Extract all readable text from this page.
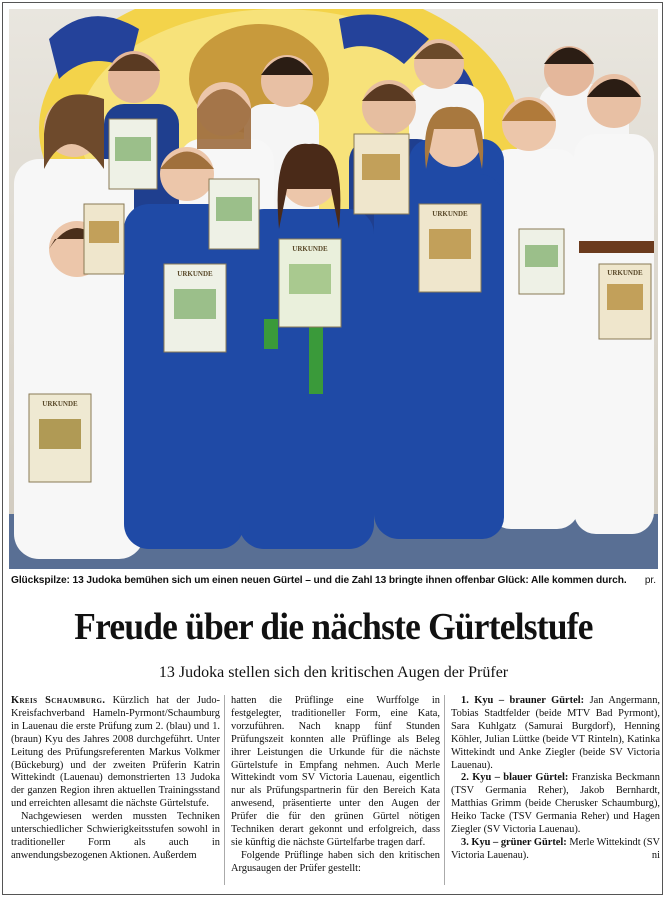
URKUNDE
URKUNDE
URKUNDE
URKUNDE
URKUNDE
Glückspilze: 13 Judoka bemühen sich um einen neuen Gürtel – und die Zahl 13 bringte ihnen offenbar Glück: Alle kommen durch. pr.
Freude über die nächste Gürtelstufe
13 Judoka stellen sich den kritischen Augen der Prüfer

Kreis Schaumburg. Kürzlich hat der Judo-Kreisfachverband Hameln-Pyrmont/Schaumburg in Lauenau die erste Prüfung zum 2. (blau) und 1. (braun) Kyu des Jahres 2008 durchgeführt. Unter Leitung des Prüfungsreferenten Markus Volkmer (Bückeburg) und der zweiten Prüferin Katrin Wittekindt (Lauenau) demonstrierten 13 Judoka der ganzen Region ihren aktuellen Trainingsstand und erreichten allesamt die nächste Gürtelstufe.

Nachgewiesen werden mussten Techniken unterschiedlicher Schwierigkeitsstufen sowohl in traditioneller Form als auch in anwendungsbezogenen Aktionen. Außerdem

hatten die Prüflinge eine Wurffolge in festgelegter, traditioneller Form, eine Kata, vorzuführen. Nach knapp fünf Stunden Prüfungszeit konnten alle Prüflinge als Beleg ihrer Leistungen die Urkunde für die nächste Gürtelstufe in Empfang nehmen. Auch Merle Wittekindt vom SV Victoria Lauenau, eigentlich nur als Prüfungspartnerin für den Bereich Kata anwesend, präsentierte unter den Augen der Prüfer die für den grünen Gürtel nötigen Techniken derart gekonnt und erfolgreich, dass sie künftig die nächste Gürtelfarbe tragen darf.

Folgende Prüflinge haben sich den kritischen Argusaugen der Prüfer gestellt:

1. Kyu – brauner Gürtel: Jan Angermann, Tobias Stadtfelder (beide MTV Bad Pyrmont), Sara Kuhlgatz (Samurai Burgdorf), Henning Köhler, Julian Lüttke (beide VT Rinteln), Katinka Wittekindt und Anke Ziegler (beide SV Victoria Lauenau).

2. Kyu – blauer Gürtel: Franziska Beckmann (TSV Germania Reher), Jakob Bernhardt, Matthias Grimm (beide Cherusker Schaumburg), Heiko Tacke (TSV Germania Reher) und Hagen Ziegler (SV Victoria Lauenau).

3. Kyu – grüner Gürtel: Merle Wittekindt (SV Victoria Lauenau).	ni
